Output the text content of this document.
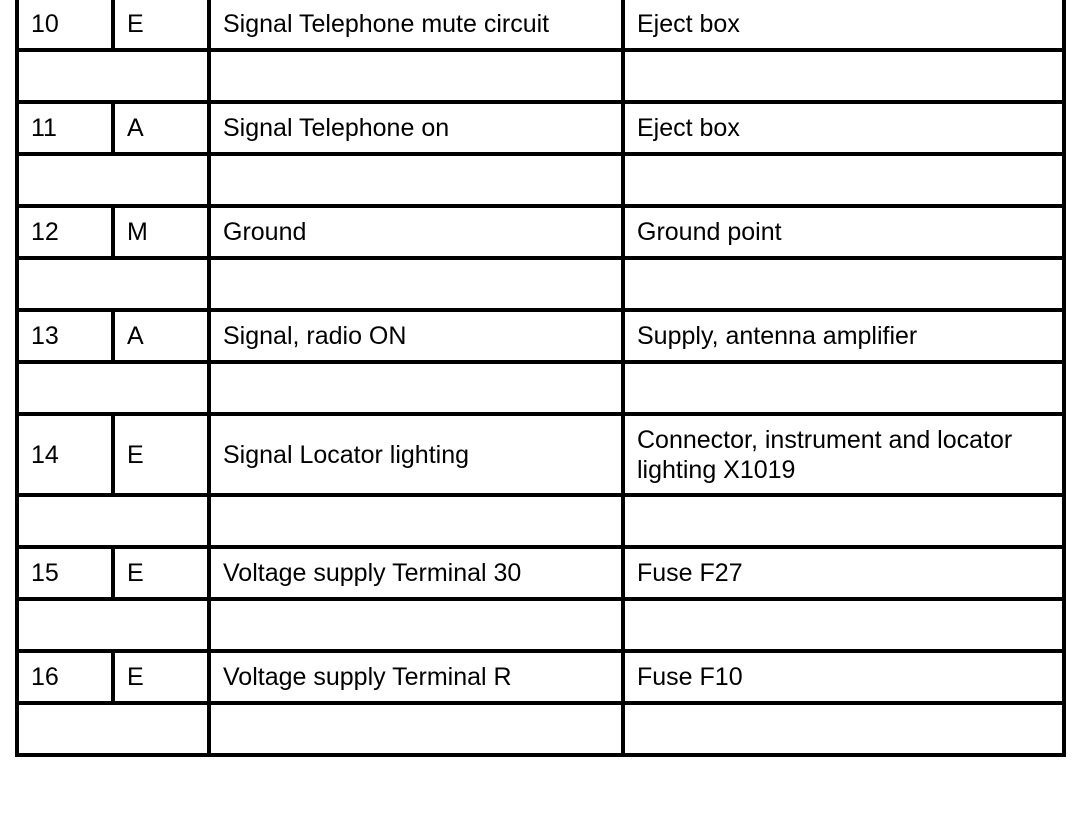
10	E	Signal Telephone mute circuit	Eject box

11	A	Signal Telephone on	Eject box

12	M	Ground	Ground point

13	A	Signal, radio ON	Supply, antenna amplifier

14	E	Signal Locator lighting	Connector, instrument and locator lighting X1019

15	E	Voltage supply Terminal 30	Fuse F27

16	E	Voltage supply Terminal R	Fuse F10
